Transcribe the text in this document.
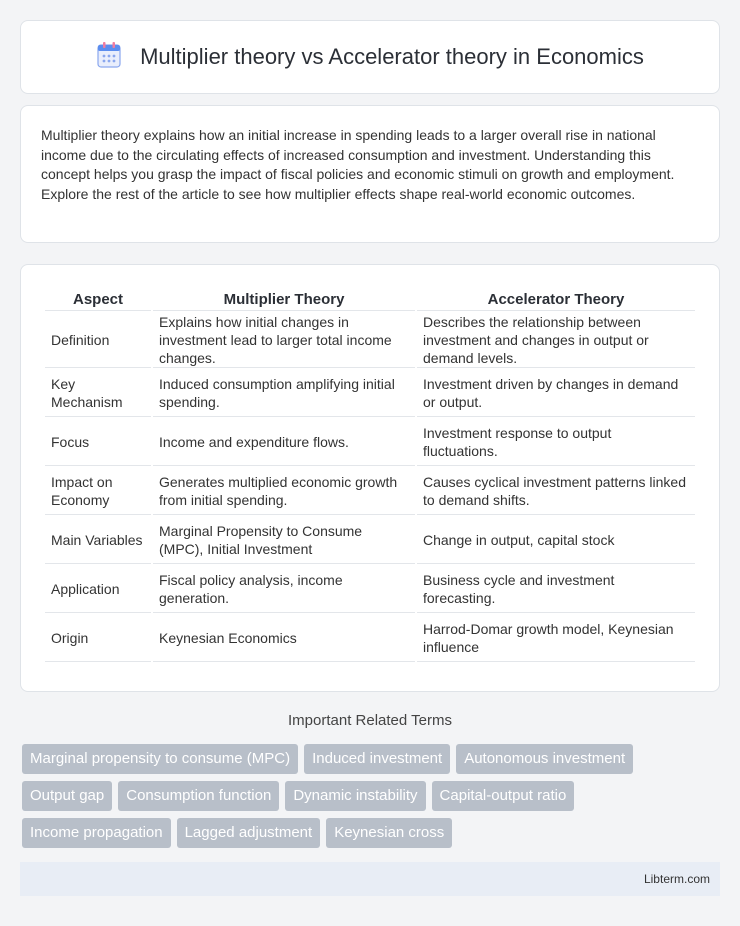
Multiplier theory vs Accelerator theory in Economics

Multiplier theory explains how an initial increase in spending leads to a larger overall rise in national income due to the circulating effects of increased consumption and investment. Understanding this concept helps you grasp the impact of fiscal policies and economic stimuli on growth and employment. Explore the rest of the article to see how multiplier effects shape real-world economic outcomes.

Aspect	Multiplier Theory	Accelerator Theory
Definition	Explains how initial changes in investment lead to larger total income changes.	Describes the relationship between investment and changes in output or demand levels.
Key Mechanism	Induced consumption amplifying initial spending.	Investment driven by changes in demand or output.
Focus	Income and expenditure flows.	Investment response to output fluctuations.
Impact on Economy	Generates multiplied economic growth from initial spending.	Causes cyclical investment patterns linked to demand shifts.
Main Variables	Marginal Propensity to Consume (MPC), Initial Investment	Change in output, capital stock
Application	Fiscal policy analysis, income generation.	Business cycle and investment forecasting.
Origin	Keynesian Economics	Harrod-Domar growth model, Keynesian influence
Important Related Terms
Marginal propensity to consume (MPC)	Induced investment	Autonomous investment
Output gap	Consumption function	Dynamic instability	Capital-output ratio
Income propagation	Lagged adjustment	Keynesian cross
Libterm.com
